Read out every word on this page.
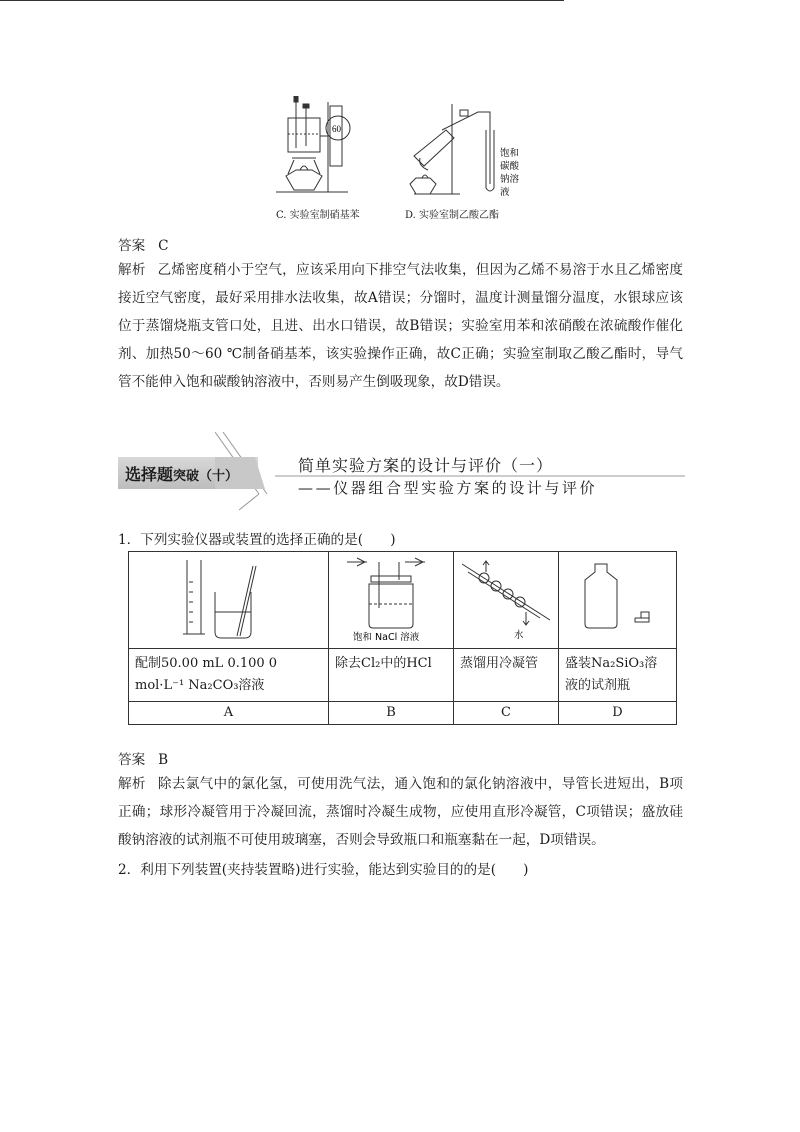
60
C. 实验室制硝基苯
饱和
碳酸
钠溶
液
D. 实验室制乙酸乙酯
答案 C
解析 乙烯密度稍小于空气，应该采用向下排空气法收集，但因为乙烯不易溶于水且乙烯密度接近空气密度，最好采用排水法收集，故A错误；分馏时，温度计测量馏分温度，水银球应该位于蒸馏烧瓶支管口处，且进、出水口错误，故B错误；实验室用苯和浓硝酸在浓硫酸作催化剂、加热50～60 ℃制备硝基苯，该实验操作正确，故C正确；实验室制取乙酸乙酯时，导气管不能伸入饱和碳酸钠溶液中，否则易产生倒吸现象，故D错误。
选择题突破（十）
简单实验方案的设计与评价（一）
——仪器组合型实验方案的设计与评价
1．下列实验仪器或装置的选择正确的是(　　)

饱和 NaCl 溶液	水

配制50.00 mL 0.100 0 mol·L⁻¹ Na₂CO₃溶液	除去Cl₂中的HCl	蒸馏用冷凝管	盛装Na₂SiO₃溶液的试剂瓶
A	B	C	D
答案 B
解析 除去氯气中的氯化氢，可使用洗气法，通入饱和的氯化钠溶液中，导管长进短出，B项正确；球形冷凝管用于冷凝回流，蒸馏时冷凝生成物，应使用直形冷凝管，C项错误；盛放硅酸钠溶液的试剂瓶不可使用玻璃塞，否则会导致瓶口和瓶塞黏在一起，D项错误。
2．利用下列装置(夹持装置略)进行实验，能达到实验目的的是(　　)
